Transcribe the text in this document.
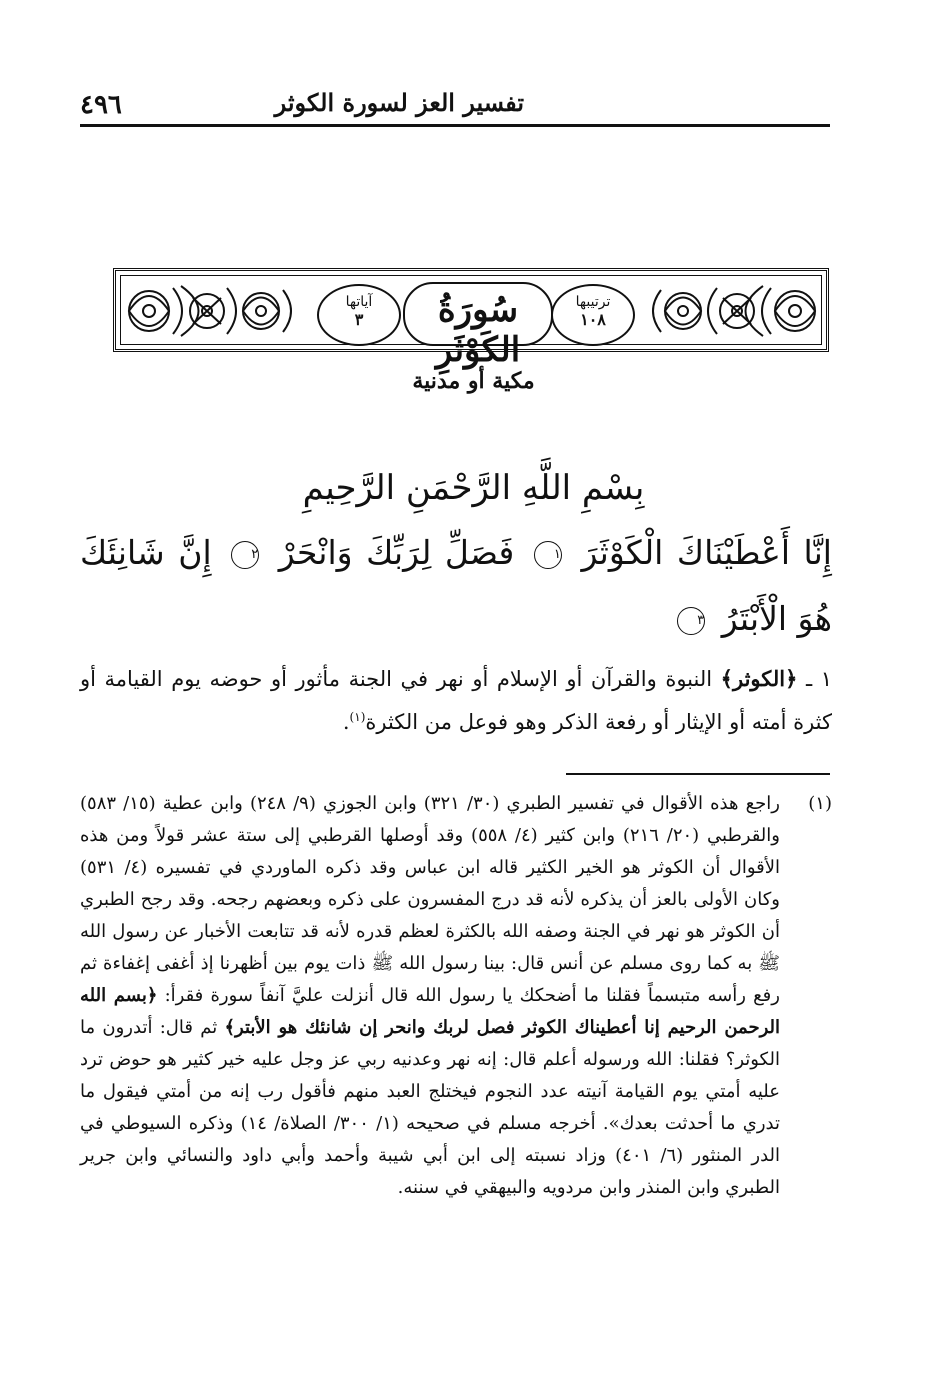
٤٩٦	تفسير العز لسورة الكوثر
آياتها
٣	سُورَةُ الكَوْثَرِ
ترتيبها
١٠٨
مكية أو مدنية
بِسْمِ اللَّهِ الرَّحْمَنِ الرَّحِيمِ
إِنَّا أَعْطَيْنَاكَ الْكَوْثَرَ ١ فَصَلِّ لِرَبِّكَ وَانْحَرْ ٢ إِنَّ شَانِئَكَ هُوَ الْأَبْتَرُ ٣
١ ـ ﴿الكوثر﴾ النبوة والقرآن أو الإسلام أو نهر في الجنة مأثور أو حوضه يوم القيامة أو كثرة أمته أو الإيثار أو رفعة الذكر وهو فوعل من الكثرة$^{(١)}$.
(١)
راجع هذه الأقوال في تفسير الطبري (٣٠/ ٣٢١) وابن الجوزي (٩/ ٢٤٨) وابن عطية (١٥/ ٥٨٣) والقرطبي (٢٠/ ٢١٦) وابن كثير (٤/ ٥٥٨) وقد أوصلها القرطبي إلى ستة عشر قولاً ومن هذه الأقوال أن الكوثر هو الخير الكثير قاله ابن عباس وقد ذكره الماوردي في تفسيره (٤/ ٥٣١) وكان الأولى بالعز أن يذكره لأنه قد درج المفسرون على ذكره وبعضهم رجحه. وقد رجح الطبري أن الكوثر هو نهر في الجنة وصفه الله بالكثرة لعظم قدره لأنه قد تتابعت الأخبار عن رسول الله ﷺ به كما روى مسلم عن أنس قال: بينا رسول الله ﷺ ذات يوم بين أظهرنا إذ أغفى إغفاءة ثم رفع رأسه متبسماً فقلنا ما أضحكك يا رسول الله قال أنزلت عليَّ آنفاً سورة فقرأ: ﴿بسم الله الرحمن الرحيم إنا أعطيناك الكوثر فصل لربك وانحر إن شانئك هو الأبتر﴾ ثم قال: أتدرون ما الكوثر؟ فقلنا: الله ورسوله أعلم قال: إنه نهر وعدنيه ربي عز وجل عليه خير كثير هو حوض ترد عليه أمتي يوم القيامة آنيته عدد النجوم فيختلج العبد منهم فأقول رب إنه من أمتي فيقول ما تدري ما أحدثت بعدك». أخرجه مسلم في صحيحه (١/ ٣٠٠/ الصلاة/ ١٤) وذكره السيوطي في الدر المنثور (٦/ ٤٠١) وزاد نسبته إلى ابن أبي شيبة وأحمد وأبي داود والنسائي وابن جرير الطبري وابن المنذر وابن مردويه والبيهقي في سننه.
